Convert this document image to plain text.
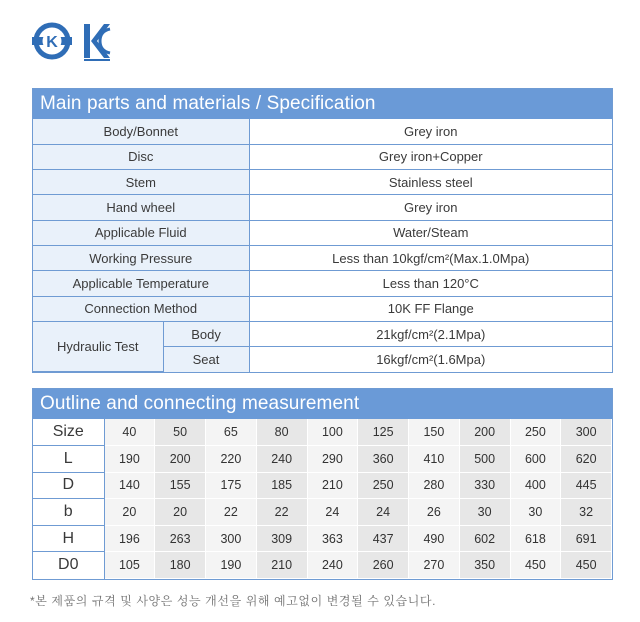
K
Main parts and materials / Specification
Body/Bonnet		Grey iron
Disc		Grey iron+Copper
Stem		Stainless steel
Hand wheel		Grey iron
Applicable Fluid		Water/Steam
Working Pressure		Less than 10kgf/cm²(Max.1.0Mpa)
Applicable Temperature		Less than 120°C
Connection Method		10K FF Flange
Hydraulic Test	Body	21kgf/cm²(2.1Mpa)
	Seat	16kgf/cm²(1.6Mpa)
Outline and connecting measurement
Size	40	50	65	80	100	125	150	200	250	300
L	190	200	220	240	290	360	410	500	600	620
D	140	155	175	185	210	250	280	330	400	445
b	20	20	22	22	24	24	26	30	30	32
H	196	263	300	309	363	437	490	602	618	691
D0	105	180	190	210	240	260	270	350	450	450
*본 제품의 규격 및 사양은 성능 개선을 위해 예고없이 변경될 수 있습니다.
